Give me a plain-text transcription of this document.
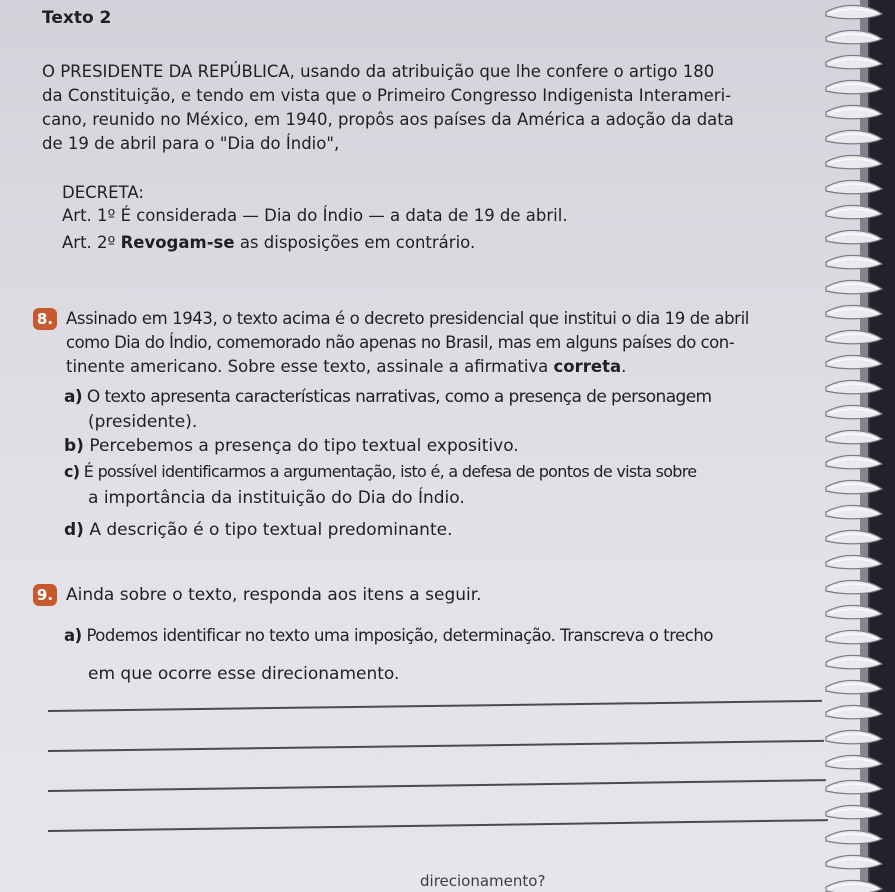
Texto 2
O PRESIDENTE DA REPÚBLICA, usando da atribuição que lhe confere o artigo 180
da Constituição, e tendo em vista que o Primeiro Congresso Indigenista Interameri-
cano, reunido no México, em 1940, propôs aos países da América a adoção da data
de 19 de abril para o "Dia do Índio",
DECRETA:
Art. 1º É considerada — Dia do Índio — a data de 19 de abril.
Art. 2º Revogam-se as disposições em contrário.
8. Assinado em 1943, o texto acima é o decreto presidencial que institui o dia 19 de abril
como Dia do Índio, comemorado não apenas no Brasil, mas em alguns países do con-
tinente americano. Sobre esse texto, assinale a afirmativa correta.
a) O texto apresenta características narrativas, como a presença de personagem
(presidente).
b) Percebemos a presença do tipo textual expositivo.
c) É possível identificarmos a argumentação, isto é, a defesa de pontos de vista sobre
a importância da instituição do Dia do Índio.
d) A descrição é o tipo textual predominante.
9. Ainda sobre o texto, responda aos itens a seguir.
a) Podemos identificar no texto uma imposição, determinação. Transcreva o trecho
em que ocorre esse direcionamento.
direcionamento?
